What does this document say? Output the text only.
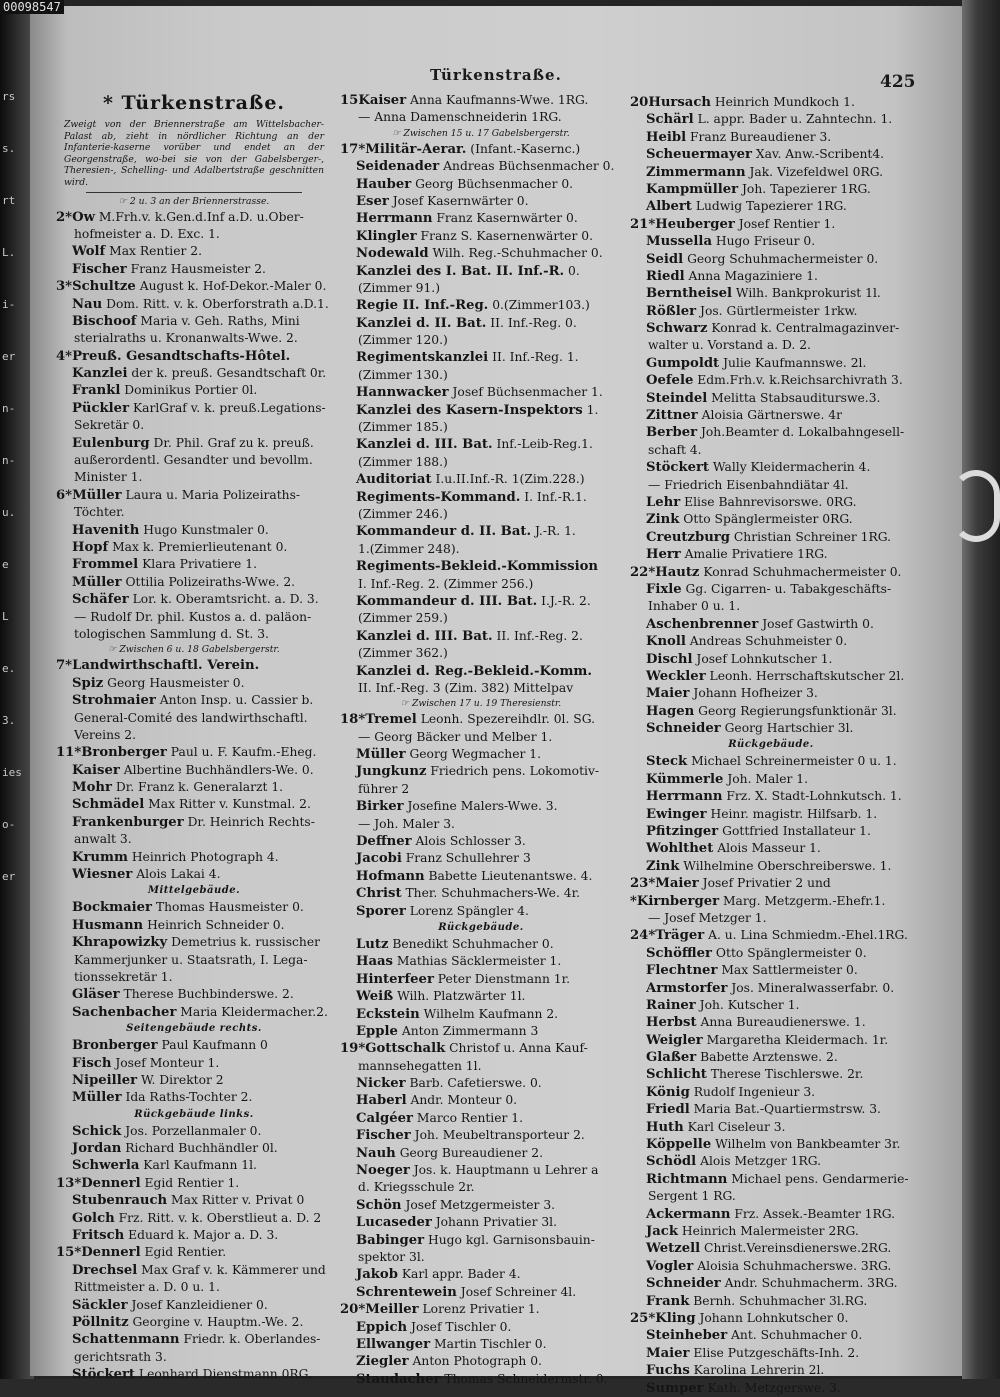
rs
s.
rt
L.
i-
er
n-
n-
u.
e
L
e.
3.
ies
o-
er
00098547
Türkenstraße.	425
* Türkenstraße.
Zweigt von der Briennerstraße am Wittelsbacher-Palast ab, zieht in nördlicher Richtung an der Infanterie-kaserne vorüber und endet an der Georgenstraße, wo-bei sie von der Gabelsberger-, Theresien-, Schelling- und Adalbertstraße geschnitten wird.
☞ 2 u. 3 an der Briennerstrasse.
2*Ow M.Frh.v. k.Gen.d.Inf a.D. u.Ober-
hofmeister a. D. Exc. 1.
Wolf Max Rentier 2.
Fischer Franz Hausmeister 2.
3*Schultze August k. Hof-Dekor.-Maler 0.
Nau Dom. Ritt. v. k. Oberforstrath a.D.1.
Bischoof Maria v. Geh. Raths, Mini
sterialraths u. Kronanwalts-Wwe. 2.
4*Preuß. Gesandtschafts-Hôtel.
Kanzlei der k. preuß. Gesandtschaft 0r.
Frankl Dominikus Portier 0l.
Pückler KarlGraf v. k. preuß.Legations-
Sekretär 0.
Eulenburg Dr. Phil. Graf zu k. preuß.
außerordentl. Gesandter und bevollm.
Minister 1.
6*Müller Laura u. Maria Polizeiraths-
Töchter.
Havenith Hugo Kunstmaler 0.
Hopf Max k. Premierlieutenant 0.
Frommel Klara Privatiere 1.
Müller Ottilia Polizeiraths-Wwe. 2.
Schäfer Lor. k. Oberamtsricht. a. D. 3.
— Rudolf Dr. phil. Kustos a. d. paläon-
tologischen Sammlung d. St. 3.
☞ Zwischen 6 u. 18 Gabelsbergerstr.
7*Landwirthschaftl. Verein.
Spiz Georg Hausmeister 0.
Strohmaier Anton Insp. u. Cassier b.
General-Comité des landwirthschaftl.
Vereins 2.
11*Bronberger Paul u. F. Kaufm.-Eheg.
Kaiser Albertine Buchhändlers-We. 0.
Mohr Dr. Franz k. Generalarzt 1.
Schmädel Max Ritter v. Kunstmal. 2.
Frankenburger Dr. Heinrich Rechts-
anwalt 3.
Krumm Heinrich Photograph 4.
Wiesner Alois Lakai 4.
Mittelgebäude.
Bockmaier Thomas Hausmeister 0.
Husmann Heinrich Schneider 0.
Khrapowizky Demetrius k. russischer
Kammerjunker u. Staatsrath, I. Lega-
tionssekretär 1.
Gläser Therese Buchbinderswe. 2.
Sachenbacher Maria Kleidermacher.2.
Seitengebäude rechts.
Bronberger Paul Kaufmann 0
Fisch Josef Monteur 1.
Nipeiller W. Direktor 2
Müller Ida Raths-Tochter 2.
Rückgebäude links.
Schick Jos. Porzellanmaler 0.
Jordan Richard Buchhändler 0l.
Schwerla Karl Kaufmann 1l.
13*Dennerl Egid Rentier 1.
Stubenrauch Max Ritter v. Privat 0
Golch Frz. Ritt. v. k. Oberstlieut a. D. 2
Fritsch Eduard k. Major a. D. 3.
15*Dennerl Egid Rentier.
Drechsel Max Graf v. k. Kämmerer und
Rittmeister a. D. 0 u. 1.
Säckler Josef Kanzleidiener 0.
Pöllnitz Georgine v. Hauptm.-We. 2.
Schattenmann Friedr. k. Oberlandes-
gerichtsrath 3.
Stöckert Leonhard Dienstmann 0RG.
15Kaiser Anna Kaufmanns-Wwe. 1RG.
— Anna Damenschneiderin 1RG.
☞ Zwischen 15 u. 17 Gabelsbergerstr.
17*Militär-Aerar. (Infant.-Kasernc.)
Seidenader Andreas Büchsenmacher 0.
Hauber Georg Büchsenmacher 0.
Eser Josef Kasernwärter 0.
Herrmann Franz Kasernwärter 0.
Klingler Franz S. Kasernenwärter 0.
Nodewald Wilh. Reg.-Schuhmacher 0.
Kanzlei des I. Bat. II. Inf.-R. 0.
(Zimmer 91.)
Regie II. Inf.-Reg. 0.(Zimmer103.)
Kanzlei d. II. Bat. II. Inf.-Reg. 0.
(Zimmer 120.)
Regimentskanzlei II. Inf.-Reg. 1.
(Zimmer 130.)
Hannwacker Josef Büchsenmacher 1.
Kanzlei des Kasern-Inspektors 1.
(Zimmer 185.)
Kanzlei d. III. Bat. Inf.-Leib-Reg.1.
(Zimmer 188.)
Auditoriat I.u.II.Inf.-R. 1(Zim.228.)
Regiments-Kommand. I. Inf.-R.1.
(Zimmer 246.)
Kommandeur d. II. Bat. J.-R. 1.
1.(Zimmer 248).
Regiments-Bekleid.-Kommission
I. Inf.-Reg. 2. (Zimmer 256.)
Kommandeur d. III. Bat. I.J.-R. 2.
(Zimmer 259.)
Kanzlei d. III. Bat. II. Inf.-Reg. 2.
(Zimmer 362.)
Kanzlei d. Reg.-Bekleid.-Komm.
II. Inf.-Reg. 3 (Zim. 382) Mittelpav
☞ Zwischen 17 u. 19 Theresienstr.
18*Tremel Leonh. Spezereihdlr. 0l. SG.
— Georg Bäcker und Melber 1.
Müller Georg Wegmacher 1.
Jungkunz Friedrich pens. Lokomotiv-
führer 2
Birker Josefine Malers-Wwe. 3.
— Joh. Maler 3.
Deffner Alois Schlosser 3.
Jacobi Franz Schullehrer 3
Hofmann Babette Lieutenantswe. 4.
Christ Ther. Schuhmachers-We. 4r.
Sporer Lorenz Spängler 4.
Rückgebäude.
Lutz Benedikt Schuhmacher 0.
Haas Mathias Säcklermeister 1.
Hinterfeer Peter Dienstmann 1r.
Weiß Wilh. Platzwärter 1l.
Eckstein Wilhelm Kaufmann 2.
Epple Anton Zimmermann 3
19*Gottschalk Christof u. Anna Kauf-
mannsehegatten 1l.
Nicker Barb. Cafetierswe. 0.
Haberl Andr. Monteur 0.
Calgéer Marco Rentier 1.
Fischer Joh. Meubeltransporteur 2.
Nauh Georg Bureaudiener 2.
Noeger Jos. k. Hauptmann u Lehrer a
d. Kriegsschule 2r.
Schön Josef Metzgermeister 3.
Lucaseder Johann Privatier 3l.
Babinger Hugo kgl. Garnisonsbauin-
spektor 3l.
Jakob Karl appr. Bader 4.
Schrentewein Josef Schreiner 4l.
20*Meiller Lorenz Privatier 1.
Eppich Josef Tischler 0.
Ellwanger Martin Tischler 0.
Ziegler Anton Photograph 0.
Staudacher Thomas Schneidermstr. 0.
20Hursach Heinrich Mundkoch 1.
Schärl L. appr. Bader u. Zahntechn. 1.
Heibl Franz Bureaudiener 3.
Scheuermayer Xav. Anw.-Scribent4.
Zimmermann Jak. Vizefeldwel 0RG.
Kampmüller Joh. Tapezierer 1RG.
Albert Ludwig Tapezierer 1RG.
21*Heuberger Josef Rentier 1.
Mussella Hugo Friseur 0.
Seidl Georg Schuhmachermeister 0.
Riedl Anna Magaziniere 1.
Berntheisel Wilh. Bankprokurist 1l.
Rößler Jos. Gürtlermeister 1rkw.
Schwarz Konrad k. Centralmagazinver-
walter u. Vorstand a. D. 2.
Gumpoldt Julie Kaufmannswe. 2l.
Oefele Edm.Frh.v. k.Reichsarchivrath 3.
Steindel Melitta Stabsauditurswe.3.
Zittner Aloisia Gärtnerswe. 4r
Berber Joh.Beamter d. Lokalbahngesell-
schaft 4.
Stöckert Wally Kleidermacherin 4.
— Friedrich Eisenbahndiätar 4l.
Lehr Elise Bahnrevisorswe. 0RG.
Zink Otto Spänglermeister 0RG.
Creutzburg Christian Schreiner 1RG.
Herr Amalie Privatiere 1RG.
22*Hautz Konrad Schuhmachermeister 0.
Fixle Gg. Cigarren- u. Tabakgeschäfts-
Inhaber 0 u. 1.
Aschenbrenner Josef Gastwirth 0.
Knoll Andreas Schuhmeister 0.
Dischl Josef Lohnkutscher 1.
Weckler Leonh. Herrschaftskutscher 2l.
Maier Johann Hofheizer 3.
Hagen Georg Regierungsfunktionär 3l.
Schneider Georg Hartschier 3l.
Rückgebäude.
Steck Michael Schreinermeister 0 u. 1.
Kümmerle Joh. Maler 1.
Herrmann Frz. X. Stadt-Lohnkutsch. 1.
Ewinger Heinr. magistr. Hilfsarb. 1.
Pfitzinger Gottfried Installateur 1.
Wohlthet Alois Masseur 1.
Zink Wilhelmine Oberschreiberswe. 1.
23*Maier Josef Privatier 2 und
*Kirnberger Marg. Metzgerm.-Ehefr.1.
— Josef Metzger 1.
24*Träger A. u. Lina Schmiedm.-Ehel.1RG.
Schöffler Otto Spänglermeister 0.
Flechtner Max Sattlermeister 0.
Armstorfer Jos. Mineralwasserfabr. 0.
Rainer Joh. Kutscher 1.
Herbst Anna Bureaudienerswe. 1.
Weigler Margaretha Kleidermach. 1r.
Glaßer Babette Arztenswe. 2.
Schlicht Therese Tischlerswe. 2r.
König Rudolf Ingenieur 3.
Friedl Maria Bat.-Quartiermstrsw. 3.
Huth Karl Ciseleur 3.
Köppelle Wilhelm von Bankbeamter 3r.
Schödl Alois Metzger 1RG.
Richtmann Michael pens. Gendarmerie-
Sergent 1 RG.
Ackermann Frz. Assek.-Beamter 1RG.
Jack Heinrich Malermeister 2RG.
Wetzell Christ.Vereinsdienerswe.2RG.
Vogler Aloisia Schuhmacherswe. 3RG.
Schneider Andr. Schuhmacherm. 3RG.
Frank Bernh. Schuhmacher 3l.RG.
25*Kling Johann Lohnkutscher 0.
Steinheber Ant. Schuhmacher 0.
Maier Elise Putzgeschäfts-Inh. 2.
Fuchs Karolina Lehrerin 2l.
Sumper Kath. Metzgerswe. 3.
